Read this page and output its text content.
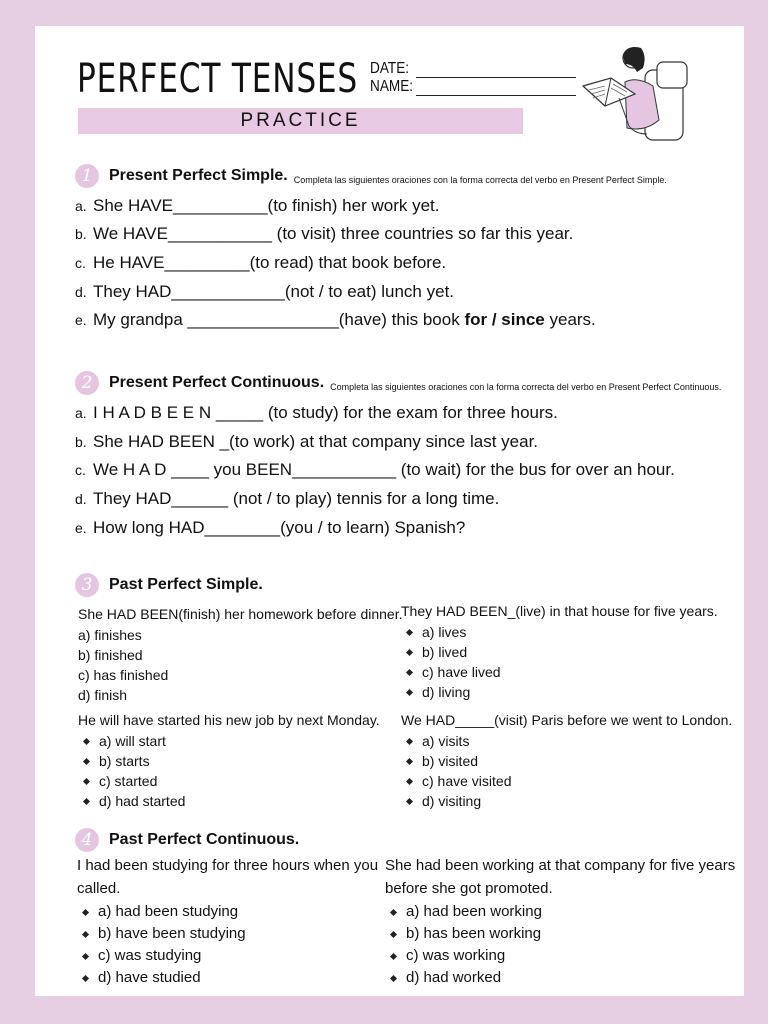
PERFECT TENSES DATE:
NAME:
PRACTICE
1	Present Perfect Simple. Completa las siguientes oraciones con la forma correcta del verbo en Present Perfect Simple.
a. She HAVE__________(to finish) her work yet.
b. We HAVE___________ (to visit) three countries so far this year.
c. He HAVE_________(to read) that book before.
d. They HAD____________(not / to eat) lunch yet.
e. My grandpa ________________(have) this book for / since years.
2	Present Perfect Continuous. Completa las siguientes oraciones con la forma correcta del verbo en Present Perfect Continuous.
a. I H A D B E E N _____ (to study) for the exam for three hours.
b. She HAD BEEN _(to work) at that company since last year.
c. We H A D ____ you BEEN___________ (to wait) for the bus for over an hour.
d. They HAD______ (not / to play) tennis for a long time.
e. How long HAD________(you / to learn) Spanish?
3	Past Perfect Simple.
She HAD BEEN(finish) her homework before dinner.
a) finishes
b) finished
c) has finished
d) finish
They HAD BEEN_(live) in that house for five years.
a) lives
b) lived
c) have lived
d) living
He will have started his new job by next Monday.
a) will start
b) starts
c) started
d) had started
We HAD_____(visit) Paris before we went to London.
a) visits
b) visited
c) have visited
d) visiting
4	Past Perfect Continuous.
I had been studying for three hours when you
called.
a) had been studying
b) have been studying
c) was studying
d) have studied
She had been working at that company for five years
before she got promoted.
a) had been working
b) has been working
c) was working
d) had worked
